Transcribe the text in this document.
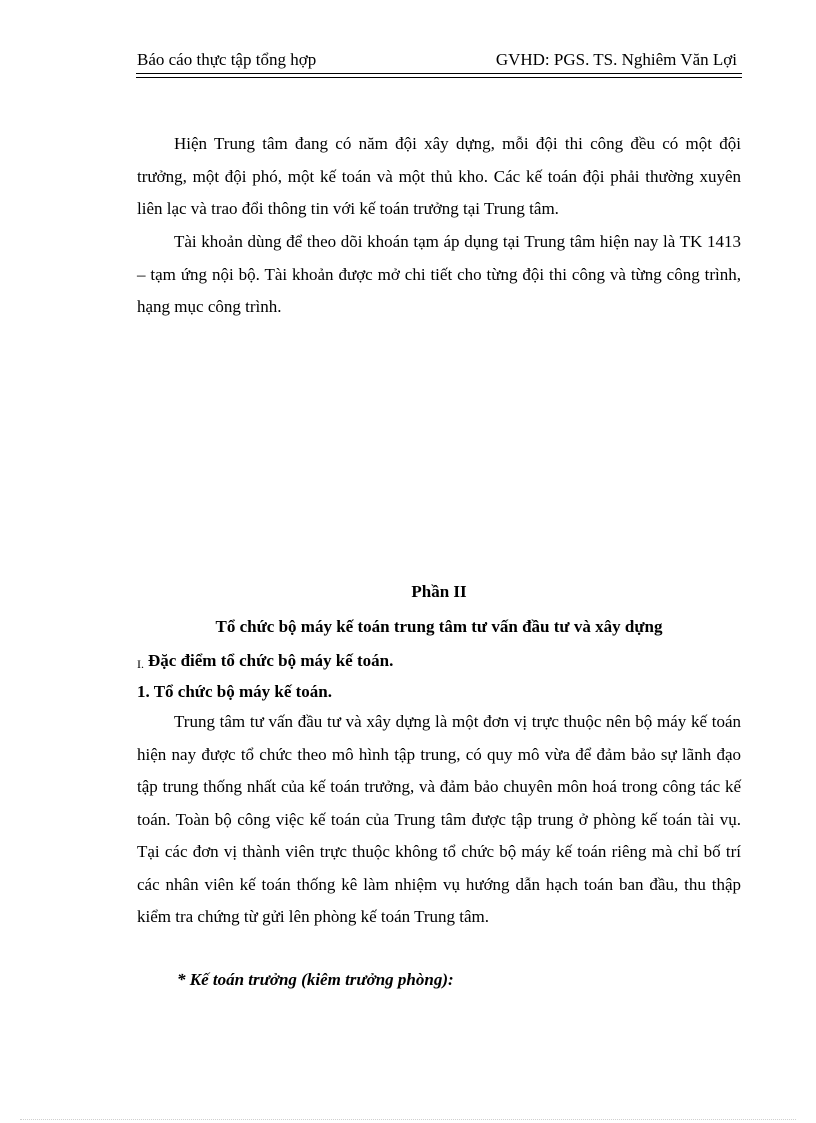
Báo cáo thực tập tổng hợp	GVHD: PGS. TS. Nghiêm Văn Lợi

Hiện Trung tâm đang có năm đội xây dựng, mỗi đội thi công đều có một đội trưởng, một đội phó, một kế toán và một thủ kho. Các kế toán đội phải thường xuyên liên lạc và trao đổi thông tin với kế toán trưởng tại Trung tâm.

Tài khoản dùng để theo dõi khoán tạm áp dụng tại Trung tâm hiện nay là TK 1413 – tạm ứng nội bộ. Tài khoản được mở chi tiết cho từng đội thi công và từng công trình, hạng mục công trình.

Phần II

Tổ chức bộ máy kế toán trung tâm tư vấn đầu tư và xây dựng

I. Đặc điểm tổ chức bộ máy kế toán.
1. Tổ chức bộ máy kế toán.

Trung tâm tư vấn đầu tư và xây dựng là một đơn vị trực thuộc nên bộ máy kế toán hiện nay được tổ chức theo mô hình tập trung, có quy mô vừa để đảm bảo sự lãnh đạo tập trung thống nhất của kế toán trưởng, và đảm bảo chuyên môn hoá trong công tác kế toán. Toàn bộ công việc kế toán của Trung tâm được tập trung ở phòng kế toán tài vụ. Tại các đơn vị thành viên trực thuộc không tổ chức bộ máy kế toán riêng mà chỉ bố trí các nhân viên kế toán thống kê làm nhiệm vụ hướng dẫn hạch toán ban đầu, thu thập kiểm tra chứng từ gửi lên phòng kế toán Trung tâm.

* Kế toán trưởng (kiêm trưởng phòng):
